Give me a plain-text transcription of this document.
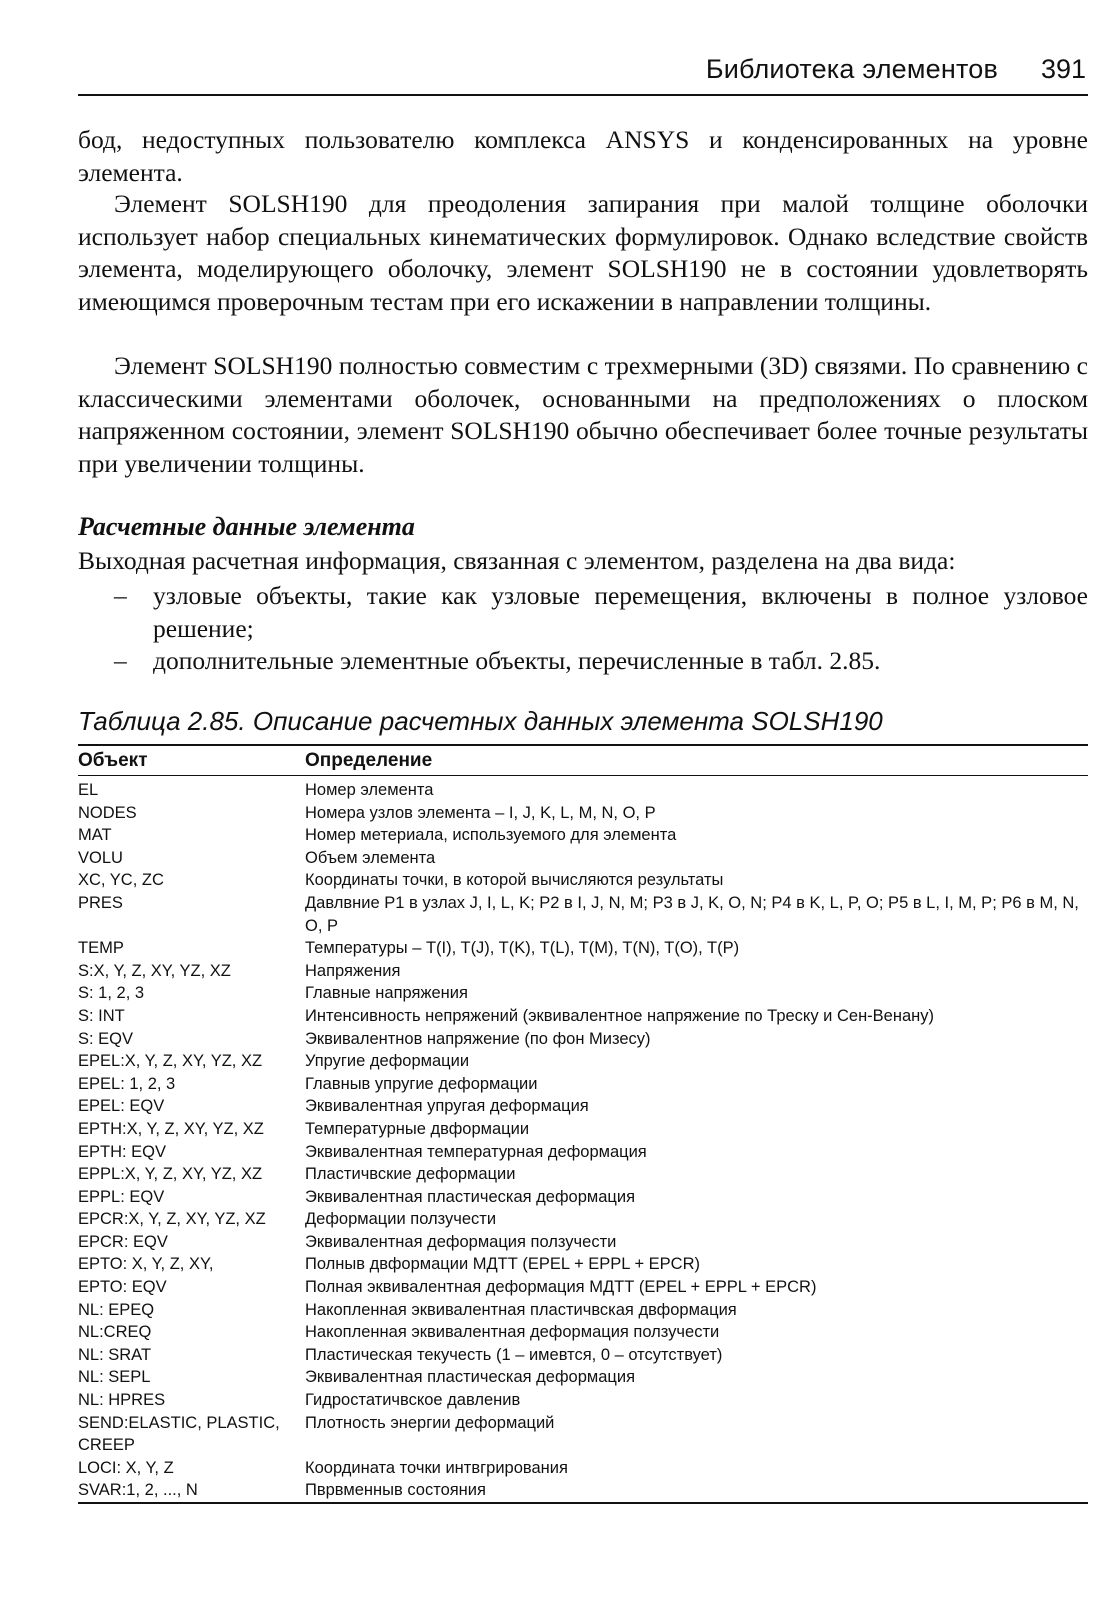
Библиотека элементов 391

бод, недоступных пользователю комплекса ANSYS и конденсированных на уровне элемента.

Элемент SOLSH190 для преодоления запирания при малой толщине оболочки использует набор специальных кинематических формулировок. Однако вследствие свойств элемента, моделирующего оболочку, элемент SOLSH190 не в состоянии удовлетворять имеющимся проверочным тестам при его искажении в направлении толщины.

Элемент SOLSH190 полностью совместим с трехмерными (3D) связями. По сравнению с классическими элементами оболочек, основанными на предположениях о плоском напряженном состоянии, элемент SOLSH190 обычно обеспечивает более точные результаты при увеличении толщины.

Расчетные данные элемента

Выходная расчетная информация, связанная с элементом, разделена на два вида:

– узловые объекты, такие как узловые перемещения, включены в полное узловое решение;
– дополнительные элементные объекты, перечисленные в табл. 2.85.

Таблица 2.85. Описание расчетных данных элемента SOLSH190

Объект	Определение

EL	Номер элемента
NODES	Номера узлов элемента – I, J, K, L, M, N, O, P
MAT	Номер метериала, используемого для элемента
VOLU	Объем элемента
XC, YC, ZC	Координаты точки, в которой вычисляются результаты
PRES	Давлвние P1 в узлах J, I, L, K; P2 в I, J, N, M; P3 в J, K, O, N; P4 в K, L, P, O; P5 в L, I, M, P; P6 в M, N, O, P
TEMP	Температуры – T(I), T(J), T(K), T(L), T(M), T(N), T(O), T(P)
S:X, Y, Z, XY, YZ, XZ	Напряжения
S: 1, 2, 3	Главные напряжения
S: INT	Интенсивность непряжений (эквивалентное напряжение по Треску и Сен-Венану)
S: EQV	Эквивалентнов напряжение (по фон Мизесу)
EPEL:X, Y, Z, XY, YZ, XZ	Упругие деформации
EPEL: 1, 2, 3	Главныв упругие деформации
EPEL: EQV	Эквивалентная упругая деформация
EPTH:X, Y, Z, XY, YZ, XZ	Температурные двформации
EPTH: EQV	Эквивалентная температурная деформация
EPPL:X, Y, Z, XY, YZ, XZ	Пластичвские деформации
EPPL: EQV	Эквивалентная пластическая деформация
EPCR:X, Y, Z, XY, YZ, XZ	Деформации ползучести
EPCR: EQV	Эквивалентная деформация ползучести
EPTO: X, Y, Z, XY,	Полныв двформации МДТТ (EPEL + EPPL + EPCR)
EPTO: EQV	Полная эквивалентная деформация МДТТ (EPEL + EPPL + EPCR)
NL: EPEQ	Накопленная эквивалентная пластичвская двформация
NL:CREQ	Накопленная эквивалентная деформация ползучести
NL: SRAT	Пластическая текучесть (1 – имевтся, 0 – отсутствует)
NL: SEPL	Эквивалентная пластическая деформация
NL: HPRES	Гидростатичвское давленив
SEND:ELASTIC, PLASTIC, CREEP	Плотность энергии деформаций
LOCI: X, Y, Z	Координата точки интвгрирования
SVAR:1, 2, ..., N	Пврвменныв состояния
